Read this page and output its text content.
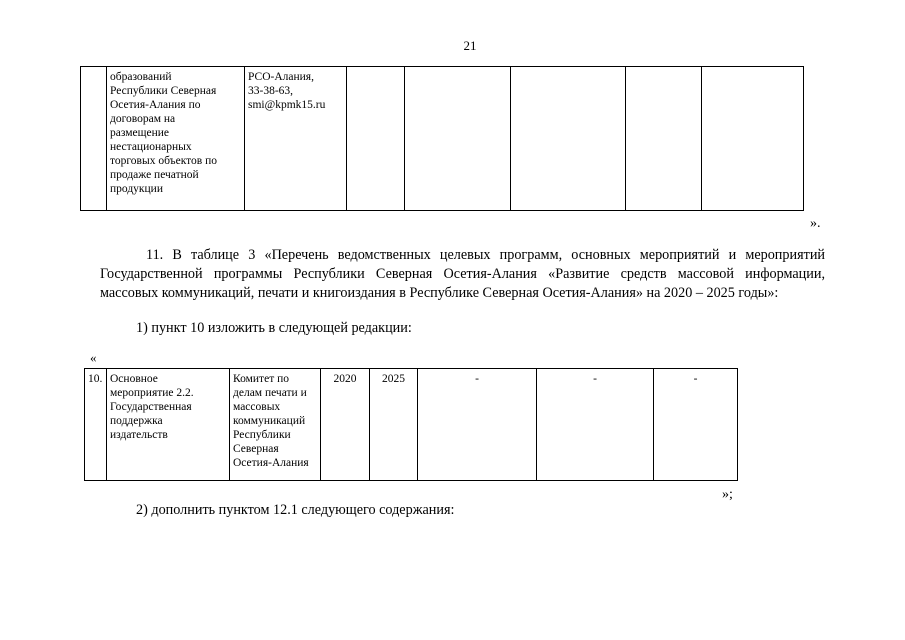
21
	образований
Республики Северная
Осетия-Алания по
договорам на
размещение
нестационарных
торговых объектов по
продаже печатной
продукции	РСО-Алания,
33-38-63,
smi@kpmk15.ru					
».
11. В таблице 3 «Перечень ведомственных целевых программ, основных мероприятий и мероприятий Государственной программы Республики Северная Осетия-Алания «Развитие средств массовой информации, массовых коммуникаций, печати и книгоиздания в Республике Северная Осетия-Алания» на 2020 – 2025 годы»:
1) пункт 10 изложить в следующей редакции:
«
10.	Основное
мероприятие 2.2.
Государственная
поддержка
издательств	Комитет по
делам печати и
массовых
коммуникаций
Республики
Северная
Осетия-Алания	2020	2025	-	-	-
»;
2) дополнить пунктом 12.1 следующего содержания:
